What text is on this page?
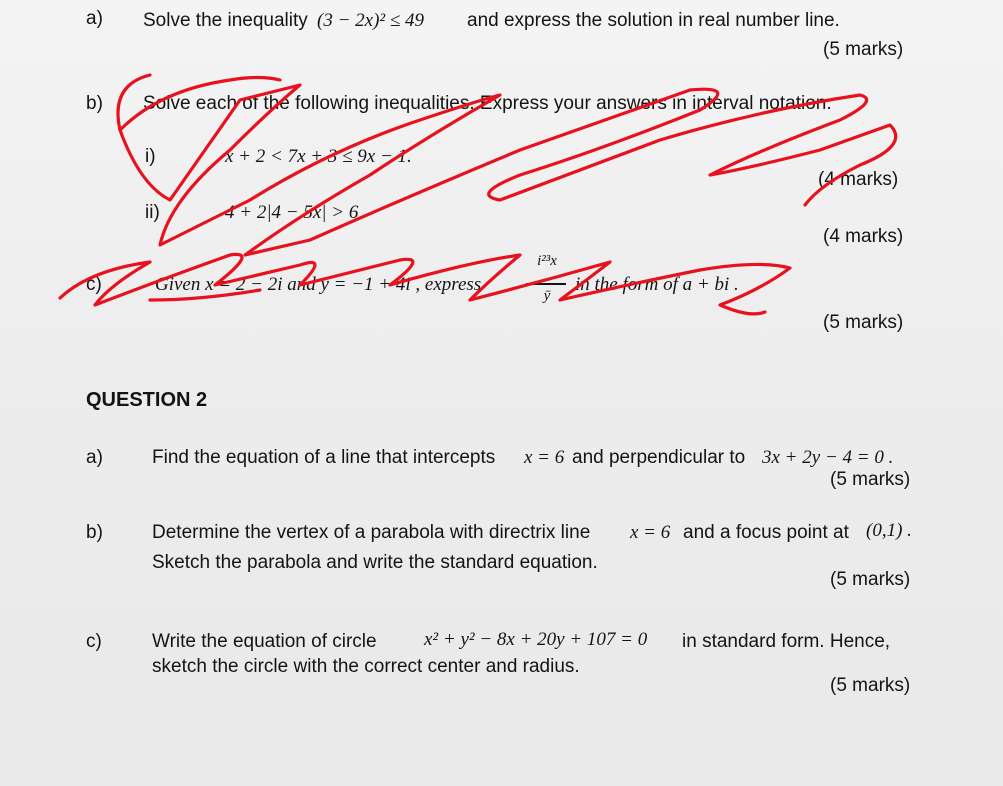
a) Solve the inequality (3 − 2x)² ≤ 49 and express the solution in real number line.
(5 marks)
b) Solve each of the following inequalities. Express your answers in interval notation.
i)	x + 2 < 7x + 3 ≤ 9x − 1.
(4 marks)
ii)	4 + 2|4 − 5x| > 6
(4 marks)
c)	Given x = 2 − 2i and y = −1 + 4i , express
i²³x
ȳ
in the form of a + bi .
(5 marks)
QUESTION 2
a)	Find the equation of a line that intercepts x = 6 and perpendicular to 3x + 2y − 4 = 0 .
(5 marks)
b)	Determine the vertex of a parabola with directrix line x = 6 and a focus point at (0,1) .
Sketch the parabola and write the standard equation.
(5 marks)
c)	Write the equation of circle x² + y² − 8x + 20y + 107 = 0 in standard form. Hence,
sketch the circle with the correct center and radius.
(5 marks)
